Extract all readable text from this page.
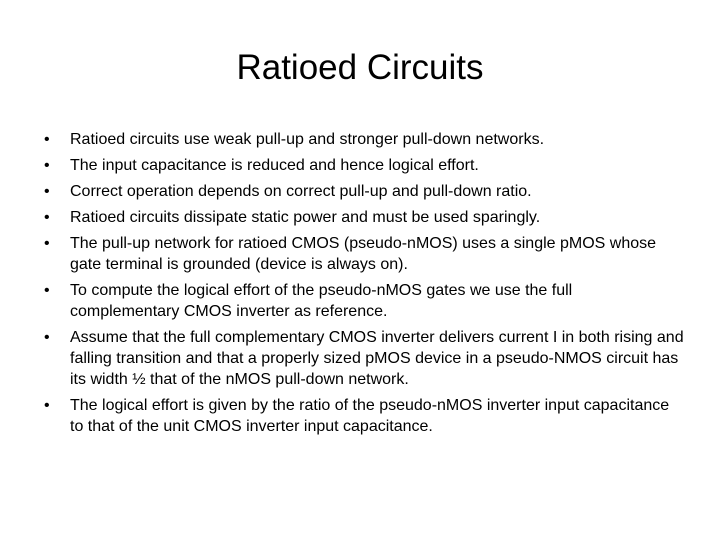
Ratioed Circuits
•	Ratioed circuits use weak pull-up and stronger pull-down networks.
•	The input capacitance is reduced and hence logical effort.
•	Correct operation depends on correct pull-up and pull-down ratio.
•	Ratioed circuits dissipate static power and must be used sparingly.
•	The pull-up network for ratioed CMOS (pseudo-nMOS) uses a single pMOS whose gate terminal is grounded (device is always on).
•	To compute the logical effort of the pseudo-nMOS gates we use the full complementary CMOS inverter as reference.
•	Assume that the full complementary CMOS inverter delivers current I in both rising and falling transition and that a properly sized pMOS device in a pseudo-NMOS circuit has its width ½ that of the nMOS pull-down network.
•	The logical effort is given by the ratio of the pseudo-nMOS inverter input capacitance to that of the unit CMOS inverter input capacitance.
